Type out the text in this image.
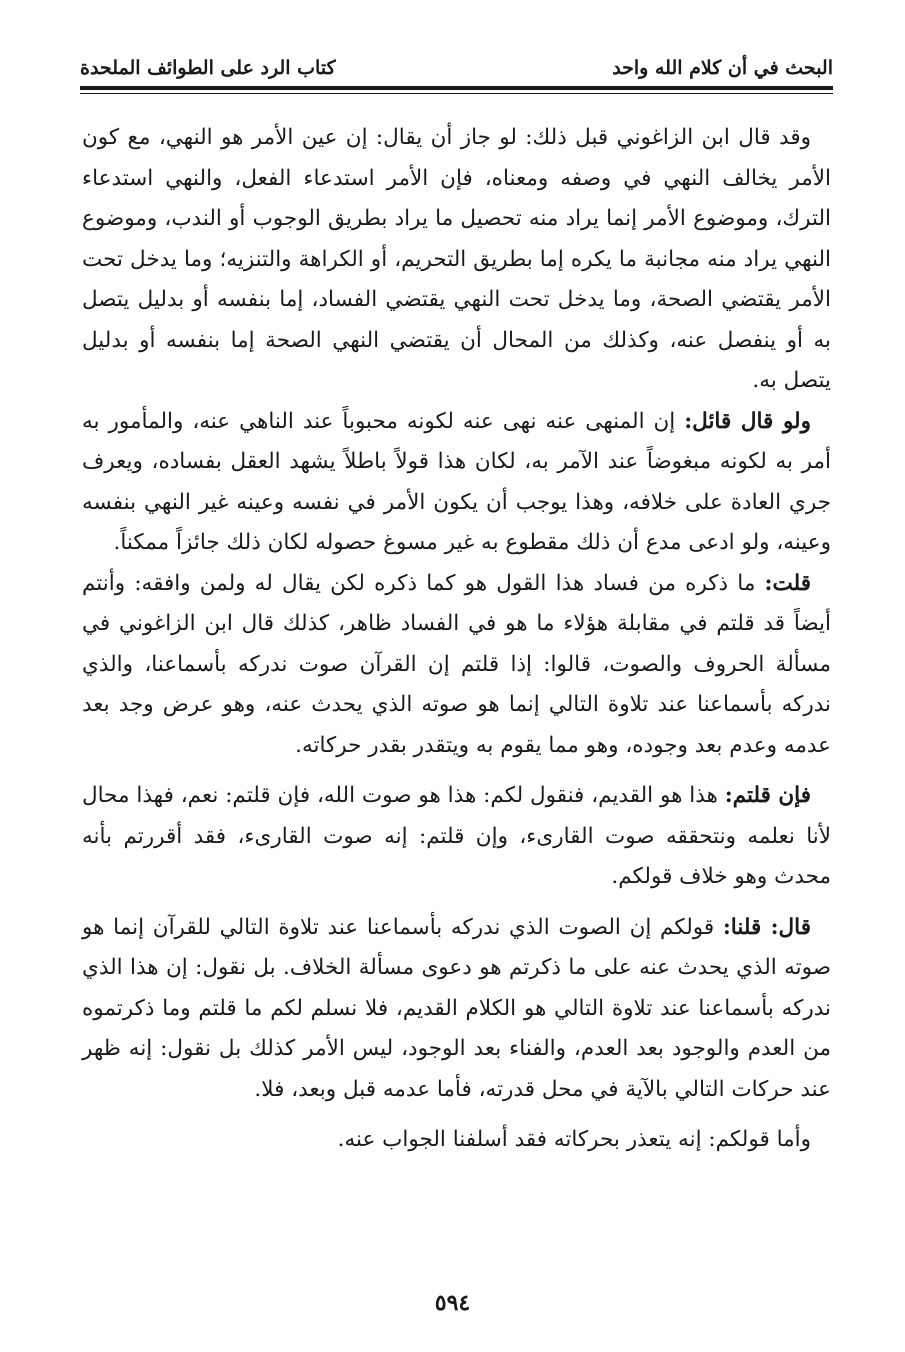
البحث في أن كلام الله واحد
كتاب الرد على الطوائف الملحدة

وقد قال ابن الزاغوني قبل ذلك: لو جاز أن يقال: إن عين الأمر هو النهي، مع كون الأمر يخالف النهي في وصفه ومعناه، فإن الأمر استدعاء الفعل، والنهي استدعاء الترك، وموضوع الأمر إنما يراد منه تحصيل ما يراد بطريق الوجوب أو الندب، وموضوع النهي يراد منه مجانبة ما يكره إما بطريق التحريم، أو الكراهة والتنزيه؛ وما يدخل تحت الأمر يقتضي الصحة، وما يدخل تحت النهي يقتضي الفساد، إما بنفسه أو بدليل يتصل به أو ينفصل عنه، وكذلك من المحال أن يقتضي النهي الصحة إما بنفسه أو بدليل يتصل به.

ولو قال قائل: إن المنهى عنه نهى عنه لكونه محبوباً عند الناهي عنه، والمأمور به أمر به لكونه مبغوضاً عند الآمر به، لكان هذا قولاً باطلاً يشهد العقل بفساده، ويعرف جري العادة على خلافه، وهذا يوجب أن يكون الأمر في نفسه وعينه غير النهي بنفسه وعينه، ولو ادعى مدع أن ذلك مقطوع به غير مسوغ حصوله لكان ذلك جائزاً ممكناً.

قلت: ما ذكره من فساد هذا القول هو كما ذكره لكن يقال له ولمن وافقه: وأنتم أيضاً قد قلتم في مقابلة هؤلاء ما هو في الفساد ظاهر، كذلك قال ابن الزاغوني في مسألة الحروف والصوت، قالوا: إذا قلتم إن القرآن صوت ندركه بأسماعنا، والذي ندركه بأسماعنا عند تلاوة التالي إنما هو صوته الذي يحدث عنه، وهو عرض وجد بعد عدمه وعدم بعد وجوده، وهو مما يقوم به ويتقدر بقدر حركاته.

فإن قلتم: هذا هو القديم، فنقول لكم: هذا هو صوت الله، فإن قلتم: نعم، فهذا محال لأنا نعلمه ونتحققه صوت القارىء، وإن قلتم: إنه صوت القارىء، فقد أقررتم بأنه محدث وهو خلاف قولكم.

قال: قلنا: قولكم إن الصوت الذي ندركه بأسماعنا عند تلاوة التالي للقرآن إنما هو صوته الذي يحدث عنه على ما ذكرتم هو دعوى مسألة الخلاف. بل نقول: إن هذا الذي ندركه بأسماعنا عند تلاوة التالي هو الكلام القديم، فلا نسلم لكم ما قلتم وما ذكرتموه من العدم والوجود بعد العدم، والفناء بعد الوجود، ليس الأمر كذلك بل نقول: إنه ظهر عند حركات التالي بالآية في محل قدرته، فأما عدمه قبل وبعد، فلا.

وأما قولكم: إنه يتعذر بحركاته فقد أسلفنا الجواب عنه.

٥٩٤
